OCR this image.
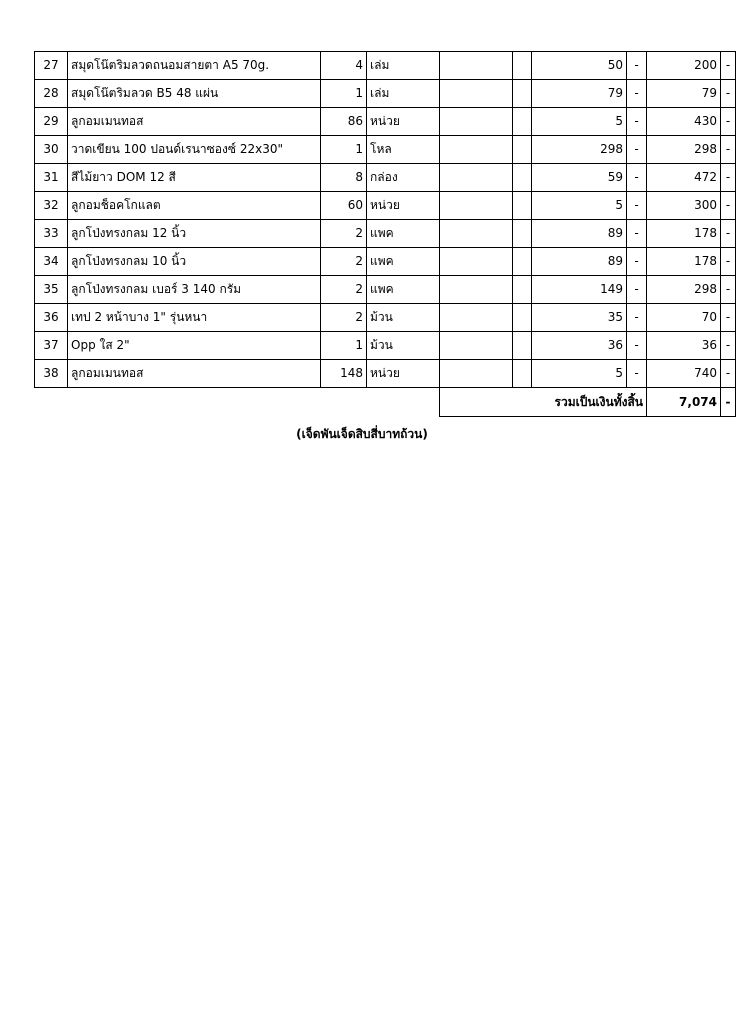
27	สมุดโน๊ตริมลวดถนอมสายตา A5 70g.	4	เล่ม			50	-	200	-
28	สมุดโน๊ตริมลวด B5 48 แผ่น	1	เล่ม			79	-	79	-
29	ลูกอมเมนทอส	86	หน่วย			5	-	430	-
30	วาดเขียน 100 ปอนด์เรนาซองซ์ 22x30"	1	โหล			298	-	298	-
31	สีไม้ยาว DOM 12 สี	8	กล่อง			59	-	472	-
32	ลูกอมช็อคโกแลต	60	หน่วย			5	-	300	-
33	ลูกโป่งทรงกลม 12 นิ้ว	2	แพค			89	-	178	-
34	ลูกโป่งทรงกลม 10 นิ้ว	2	แพค			89	-	178	-
35	ลูกโป่งทรงกลม เบอร์ 3 140 กรัม	2	แพค			149	-	298	-
36	เทป 2 หน้าบาง 1" รุ่นหนา	2	ม้วน			35	-	70	-
37	Opp ใส 2"	1	ม้วน			36	-	36	-
38	ลูกอมเมนทอส	148	หน่วย			5	-	740	-
				รวมเป็นเงินทั้งสิ้น				7,074	-
(เจ็ดพันเจ็ดสิบสี่บาทถ้วน)
